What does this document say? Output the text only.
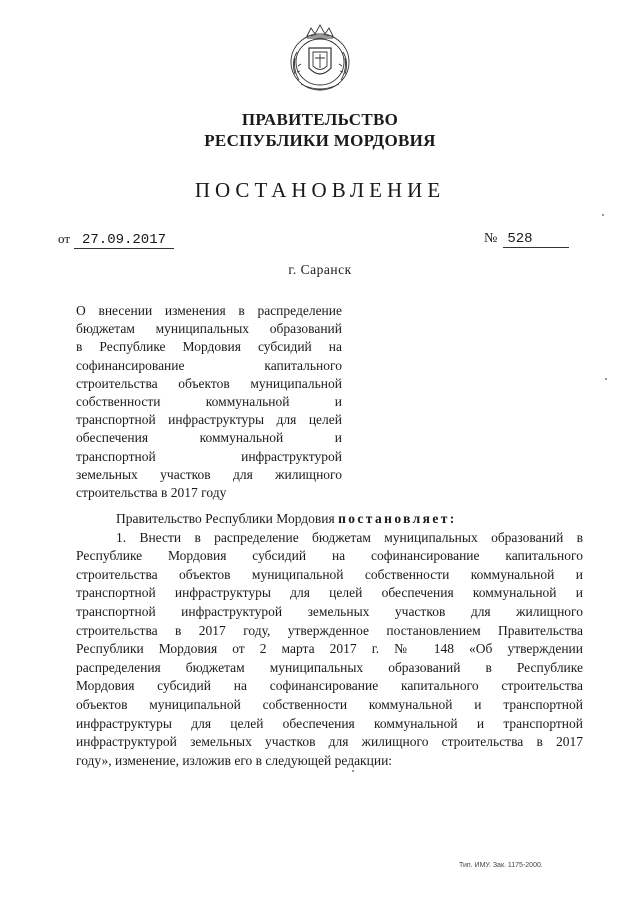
ПРАВИТЕЛЬСТВО
РЕСПУБЛИКИ МОРДОВИЯ
ПОСТАНОВЛЕНИЕ
от 27.09.2017	№ 528
г. Саранск
О внесении изменения в распределение
бюджетам муниципальных образований
в Республике Мордовия субсидий на
софинансирование капитального
строительства объектов муниципальной
собственности коммунальной и
транспортной инфраструктуры для целей
обеспечения коммунальной и
транспортной инфраструктурой
земельных участков для жилищного
строительства в 2017 году
Правительство Республики Мордовия постановляет:
1. Внести в распределение бюджетам муниципальных образований в
Республике Мордовия субсидий на софинансирование капитального
строительства объектов муниципальной собственности коммунальной и
транспортной инфраструктуры для целей обеспечения коммунальной и
транспортной инфраструктурой земельных участков для жилищного
строительства в 2017 году, утвержденное постановлением Правительства
Республики Мордовия от 2 марта 2017 г. № 148 «Об утверждении
распределения бюджетам муниципальных образований в Республике
Мордовия субсидий на софинансирование капитального строительства
объектов муниципальной собственности коммунальной и транспортной
инфраструктуры для целей обеспечения коммунальной и транспортной
инфраструктурой земельных участков для жилищного строительства в 2017
году», изменение, изложив его в следующей редакции:
Тип. ИМУ. Зак. 1175-2000.
